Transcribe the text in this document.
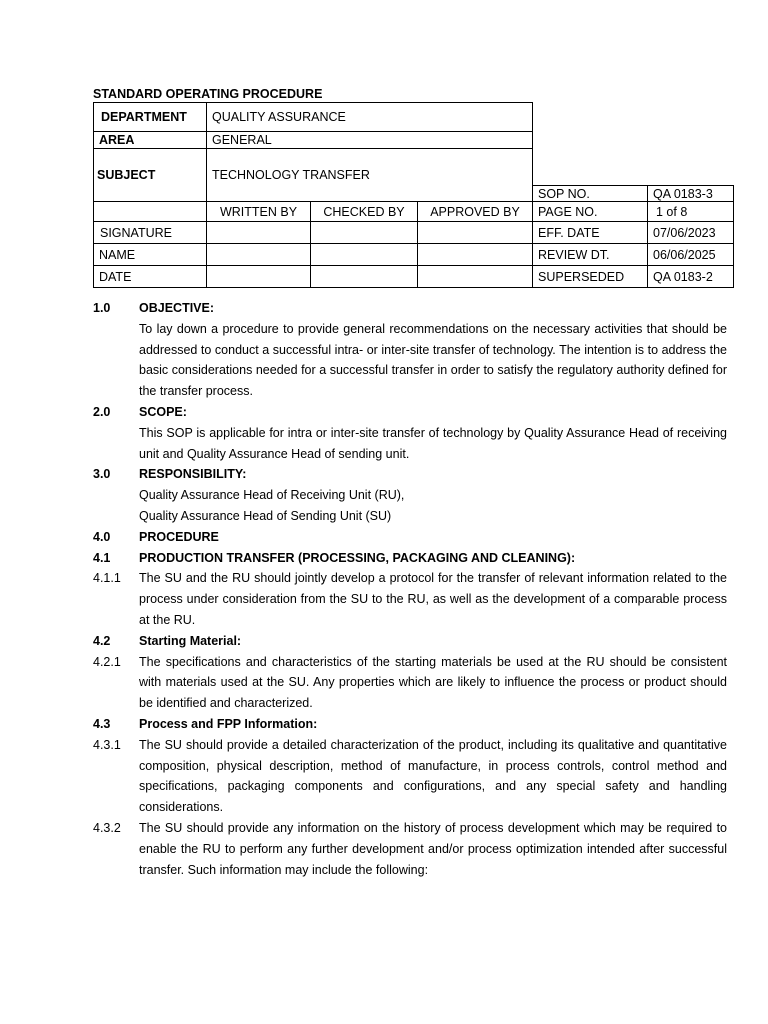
STANDARD OPERATING PROCEDURE
DEPARTMENT	QUALITY ASSURANCE				
AREA	GENERAL				
SUBJECT	TECHNOLOGY TRANSFER				
				SOP NO.	QA 0183-3
	WRITTEN BY	CHECKED BY	APPROVED BY	PAGE NO.	1 of 8
SIGNATURE				EFF. DATE	07/06/2023
NAME				REVIEW DT.	06/06/2025
DATE				SUPERSEDED	QA 0183-2
1.0	OBJECTIVE:
To lay down a procedure to provide general recommendations on the necessary activities that should be addressed to conduct a successful intra- or inter-site transfer of technology. The intention is to address the basic considerations needed for a successful transfer in order to satisfy the regulatory authority defined for the transfer process.
2.0	SCOPE:
This SOP is applicable for intra or inter-site transfer of technology by Quality Assurance Head of receiving unit and Quality Assurance Head of sending unit.
3.0	RESPONSIBILITY:
Quality Assurance Head of Receiving Unit (RU),
Quality Assurance Head of Sending Unit (SU)
4.0	PROCEDURE
4.1	PRODUCTION TRANSFER (PROCESSING, PACKAGING AND CLEANING):
4.1.1	The SU and the RU should jointly develop a protocol for the transfer of relevant information related to the process under consideration from the SU to the RU, as well as the development of a comparable process at the RU.
4.2	Starting Material:
4.2.1	The specifications and characteristics of the starting materials be used at the RU should be consistent with materials used at the SU. Any properties which are likely to influence the process or product should be identified and characterized.
4.3	Process and FPP Information:
4.3.1	The SU should provide a detailed characterization of the product, including its qualitative and quantitative composition, physical description, method of manufacture, in process controls, control method and specifications, packaging components and configurations, and any special safety and handling considerations.
4.3.2	The SU should provide any information on the history of process development which may be required to enable the RU to perform any further development and/or process optimization intended after successful transfer. Such information may include the following:
